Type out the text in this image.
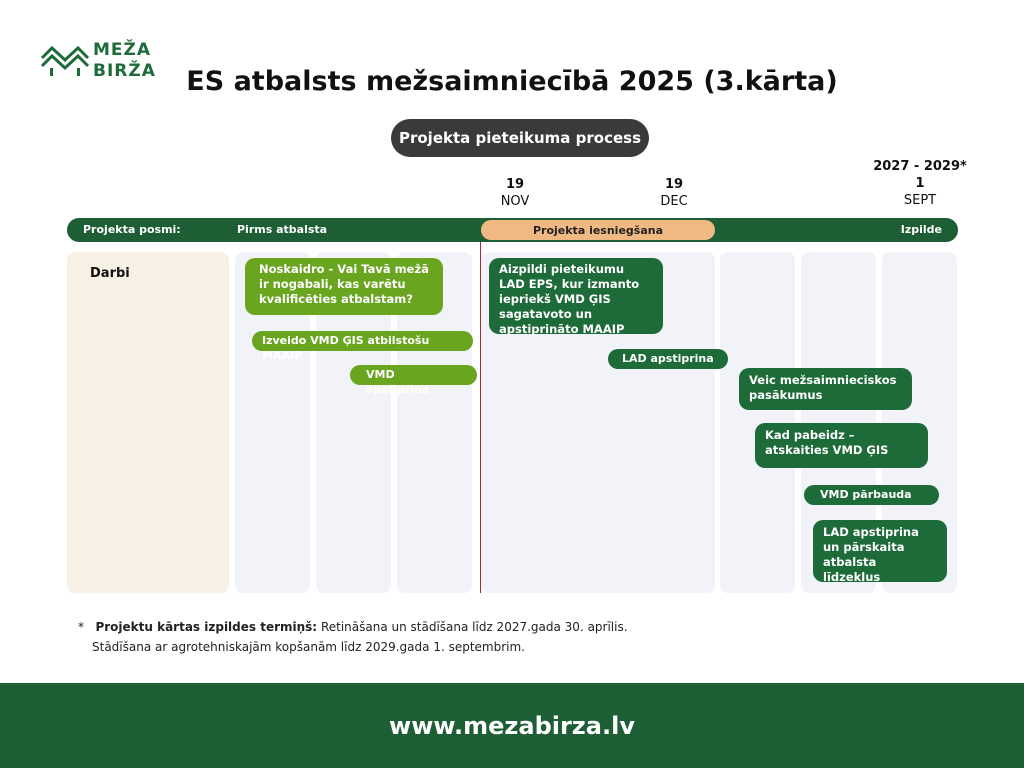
MEŽA
BIRŽA	ES atbalsts mežsaimniecībā 2025 (3.kārta)
Projekta pieteikuma process
19
NOV
19
DEC
2027 - 2029*
1
SEPT
Projekta posmi:	Pirms atbalsta	Izpilde
Projekta iesniegšana
Darbi	Noskaidro - Vai Tavā mežā ir nogabali, kas varētu kvalificēties atbalstam?
Izveido VMD ĢIS atbilstošu MAAIP
VMD apstiprina
Aizpildi pieteikumu LAD EPS, kur izmanto iepriekš VMD ĢIS sagatavoto un apstiprināto MAAIP
LAD apstiprina
Veic mežsaimnieciskos pasākumus
Kad pabeidz – atskaities VMD ĢIS
VMD pārbauda
LAD apstiprina un pārskaita atbalsta līdzekļus
*   Projektu kārtas izpildes termiņš: Retināšana un stādīšana līdz 2027.gada 30. aprīlis.
Stādīšana ar agrotehniskajām kopšanām līdz 2029.gada 1. septembrim.
www.mezabirza.lv
